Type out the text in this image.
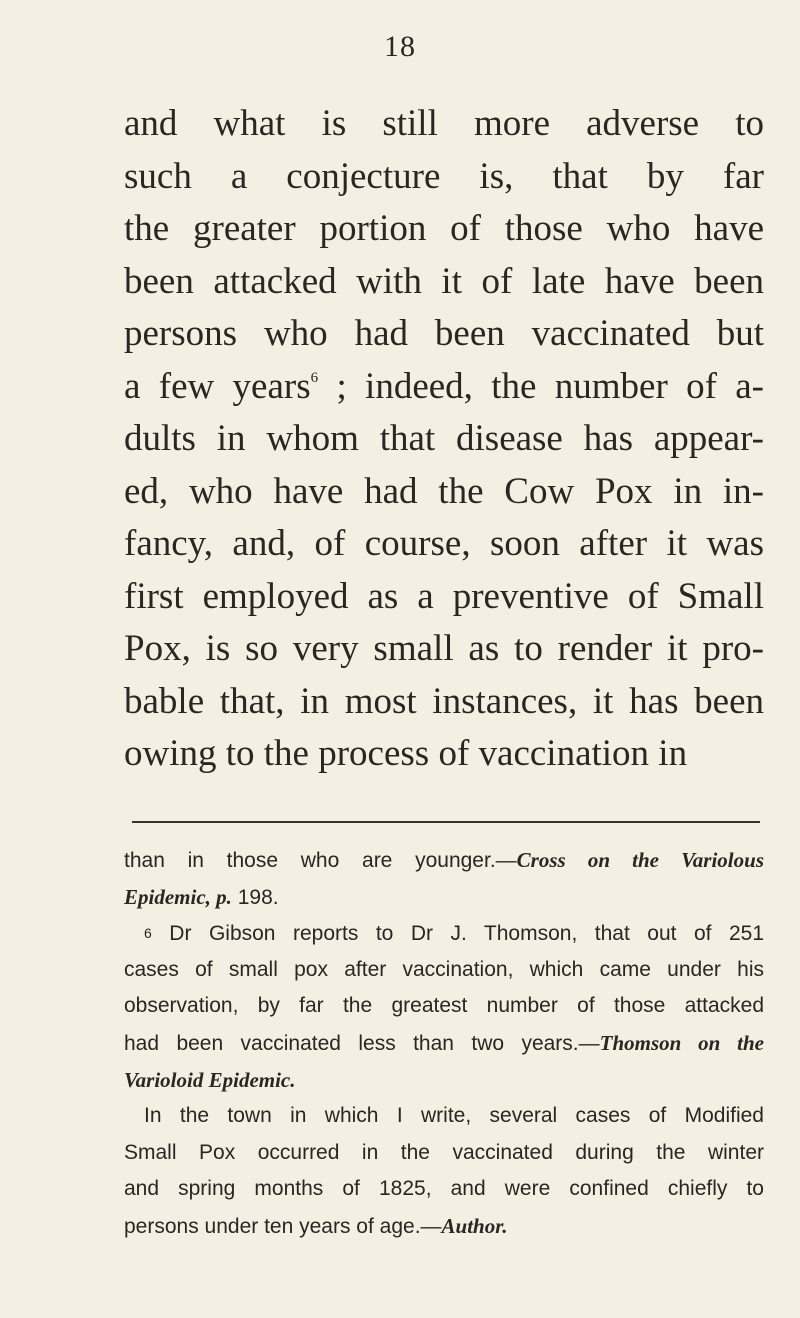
18
and what is still more adverse to
such a conjecture is, that by far
the greater portion of those who have
been attacked with it of late have been
persons who had been vaccinated but
a few years$^6$ ; indeed, the number of a-
dults in whom that disease has appear-
ed, who have had the Cow Pox in in-
fancy, and, of course, soon after it was
first employed as a preventive of Small
Pox, is so very small as to render it pro-
bable that, in most instances, it has been
owing to the process of vaccination in
than in those who are younger.—Cross on the Variolous
Epidemic, p. 198.
6 Dr Gibson reports to Dr J. Thomson, that out of 251
cases of small pox after vaccination, which came under his
observation, by far the greatest number of those attacked
had been vaccinated less than two years.—Thomson on the
Varioloid Epidemic.
In the town in which I write, several cases of Modified
Small Pox occurred in the vaccinated during the winter
and spring months of 1825, and were confined chiefly to
persons under ten years of age.—Author.
